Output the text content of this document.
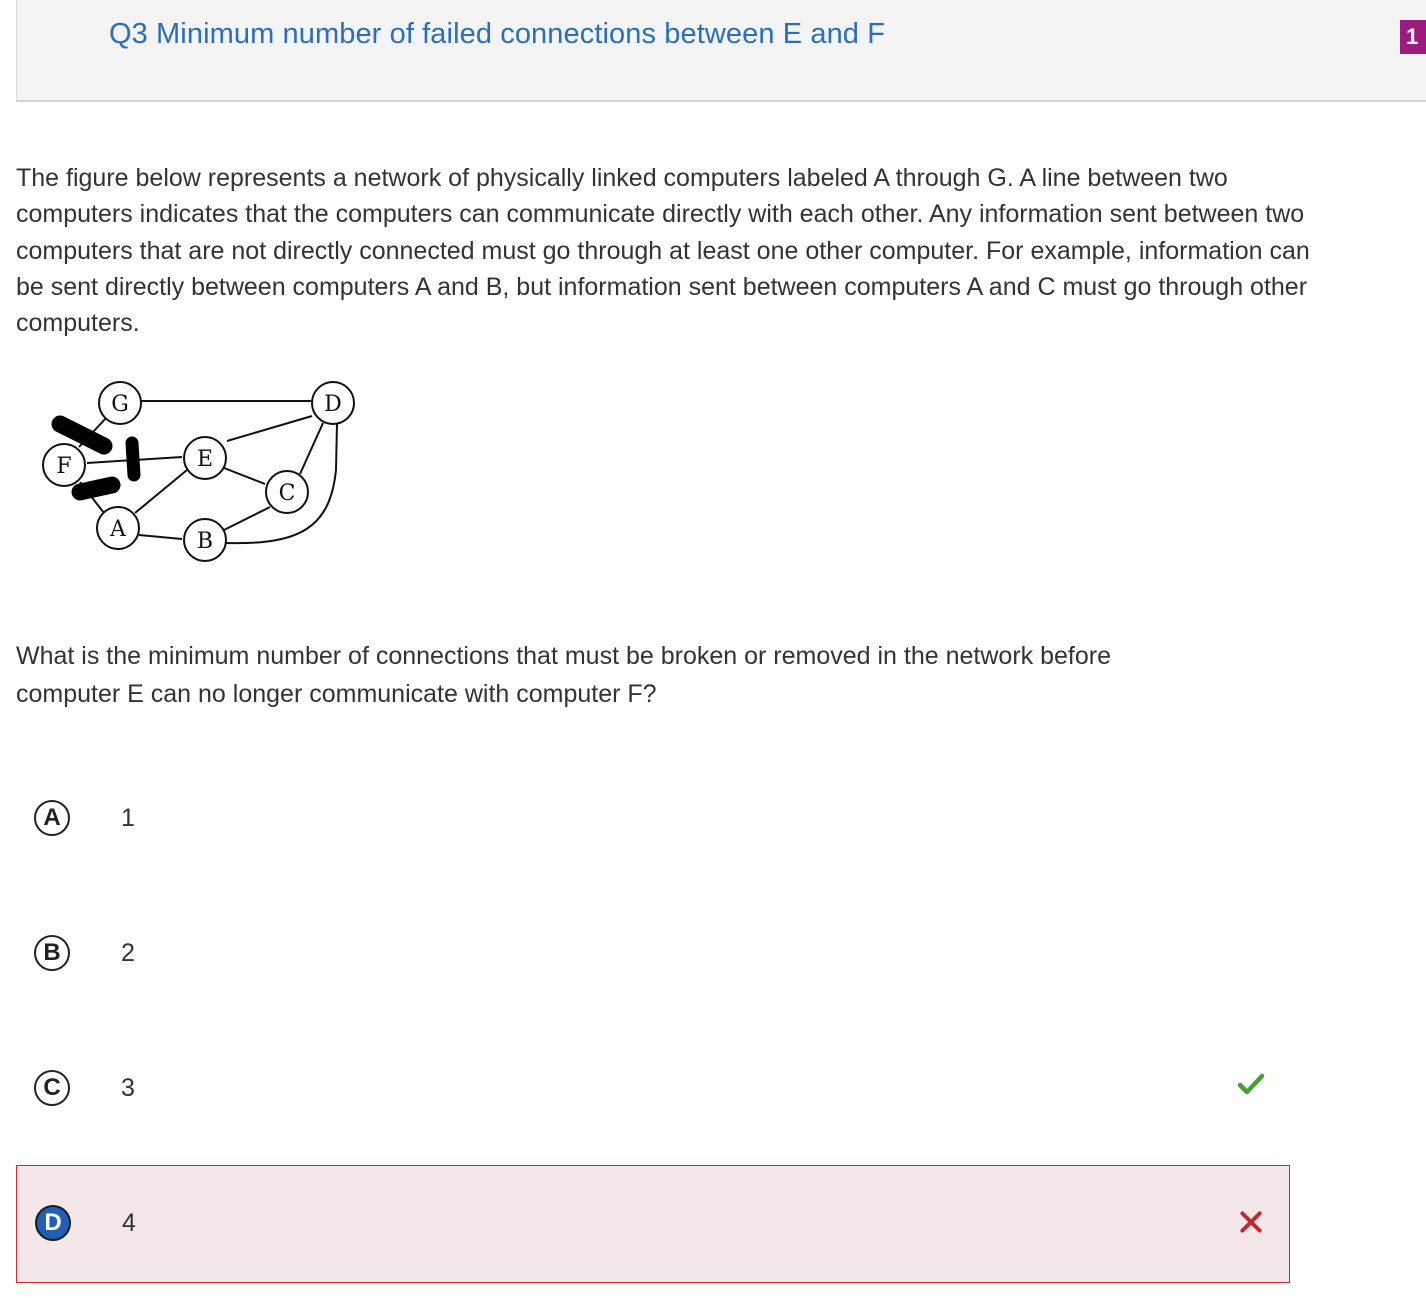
Q3 Minimum number of failed connections between E and F	1

The figure below represents a network of physically linked computers labeled A through G. A line between two computers indicates that the computers can communicate directly with each other. Any information sent between two computers that are not directly connected must go through at least one other computer. For example, information can be sent directly between computers A and B, but information sent between computers A and C must go through other computers.

G	D
F	E
C
A	B

What is the minimum number of connections that must be broken or removed in the network before computer E can no longer communicate with computer F?

A	1
B	2
C	3
D	4
